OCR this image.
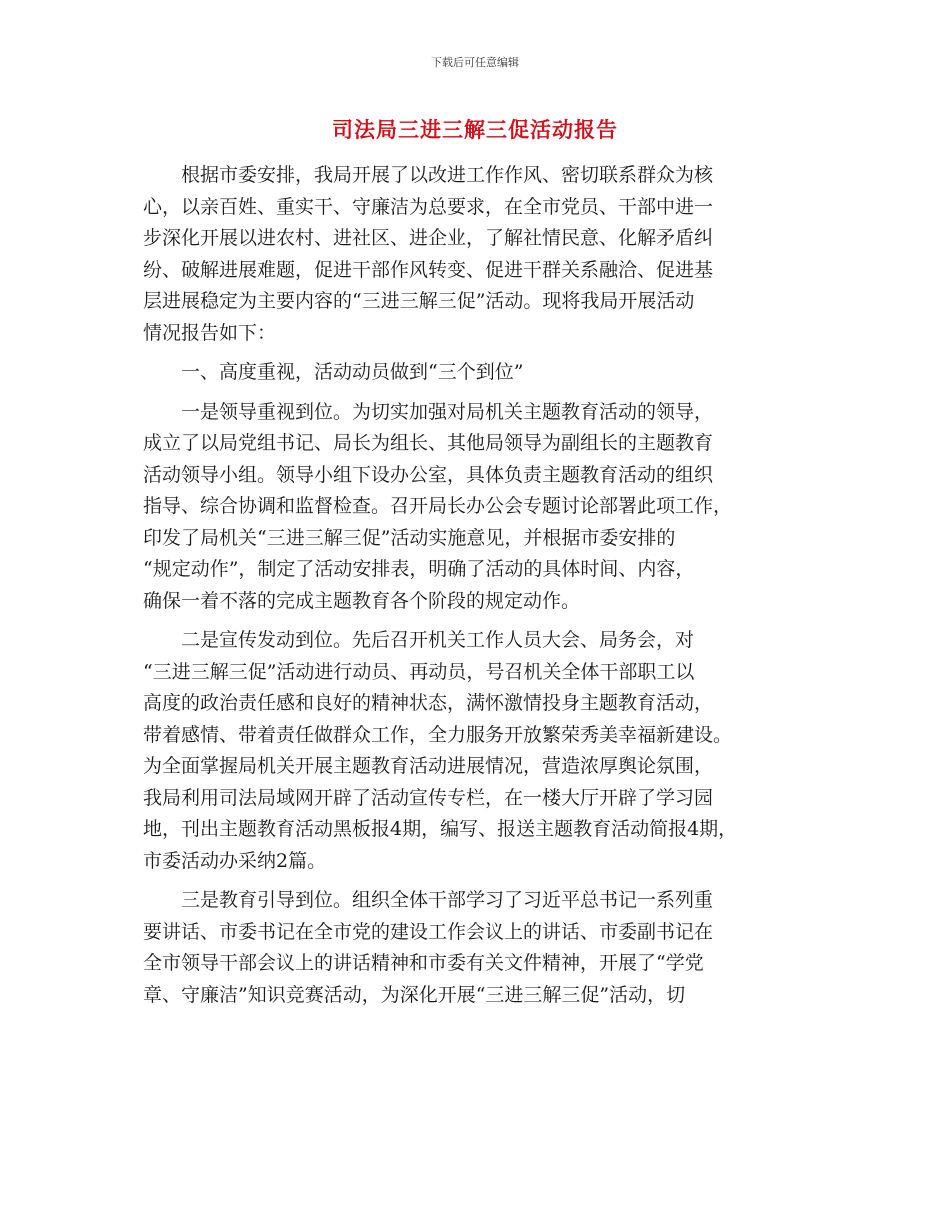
下载后可任意编辑
司法局三进三解三促活动报告
　　根据市委安排，我局开展了以改进工作作风、密切联系群众为核
心，以亲百姓、重实干、守廉洁为总要求，在全市党员、干部中进一
步深化开展以进农村、进社区、进企业，了解社情民意、化解矛盾纠
纷、破解进展难题，促进干部作风转变、促进干群关系融洽、促进基
层进展稳定为主要内容的“三进三解三促”活动。现将我局开展活动
情况报告如下：
　　一、高度重视，活动动员做到“三个到位”
　　一是领导重视到位。为切实加强对局机关主题教育活动的领导，
成立了以局党组书记、局长为组长、其他局领导为副组长的主题教育
活动领导小组。领导小组下设办公室，具体负责主题教育活动的组织
指导、综合协调和监督检查。召开局长办公会专题讨论部署此项工作，
印发了局机关“三进三解三促”活动实施意见，并根据市委安排的
“规定动作”，制定了活动安排表，明确了活动的具体时间、内容，
确保一着不落的完成主题教育各个阶段的规定动作。
　　二是宣传发动到位。先后召开机关工作人员大会、局务会，对
“三进三解三促”活动进行动员、再动员，号召机关全体干部职工以
高度的政治责任感和良好的精神状态，满怀激情投身主题教育活动，
带着感情、带着责任做群众工作，全力服务开放繁荣秀美幸福新建设。
为全面掌握局机关开展主题教育活动进展情况，营造浓厚舆论氛围，
我局利用司法局域网开辟了活动宣传专栏，在一楼大厅开辟了学习园
地，刊出主题教育活动黑板报4期，编写、报送主题教育活动简报4期，
市委活动办采纳2篇。
　　三是教育引导到位。组织全体干部学习了习近平总书记一系列重
要讲话、市委书记在全市党的建设工作会议上的讲话、市委副书记在
全市领导干部会议上的讲话精神和市委有关文件精神，开展了“学党
章、守廉洁”知识竞赛活动，为深化开展“三进三解三促”活动，切
